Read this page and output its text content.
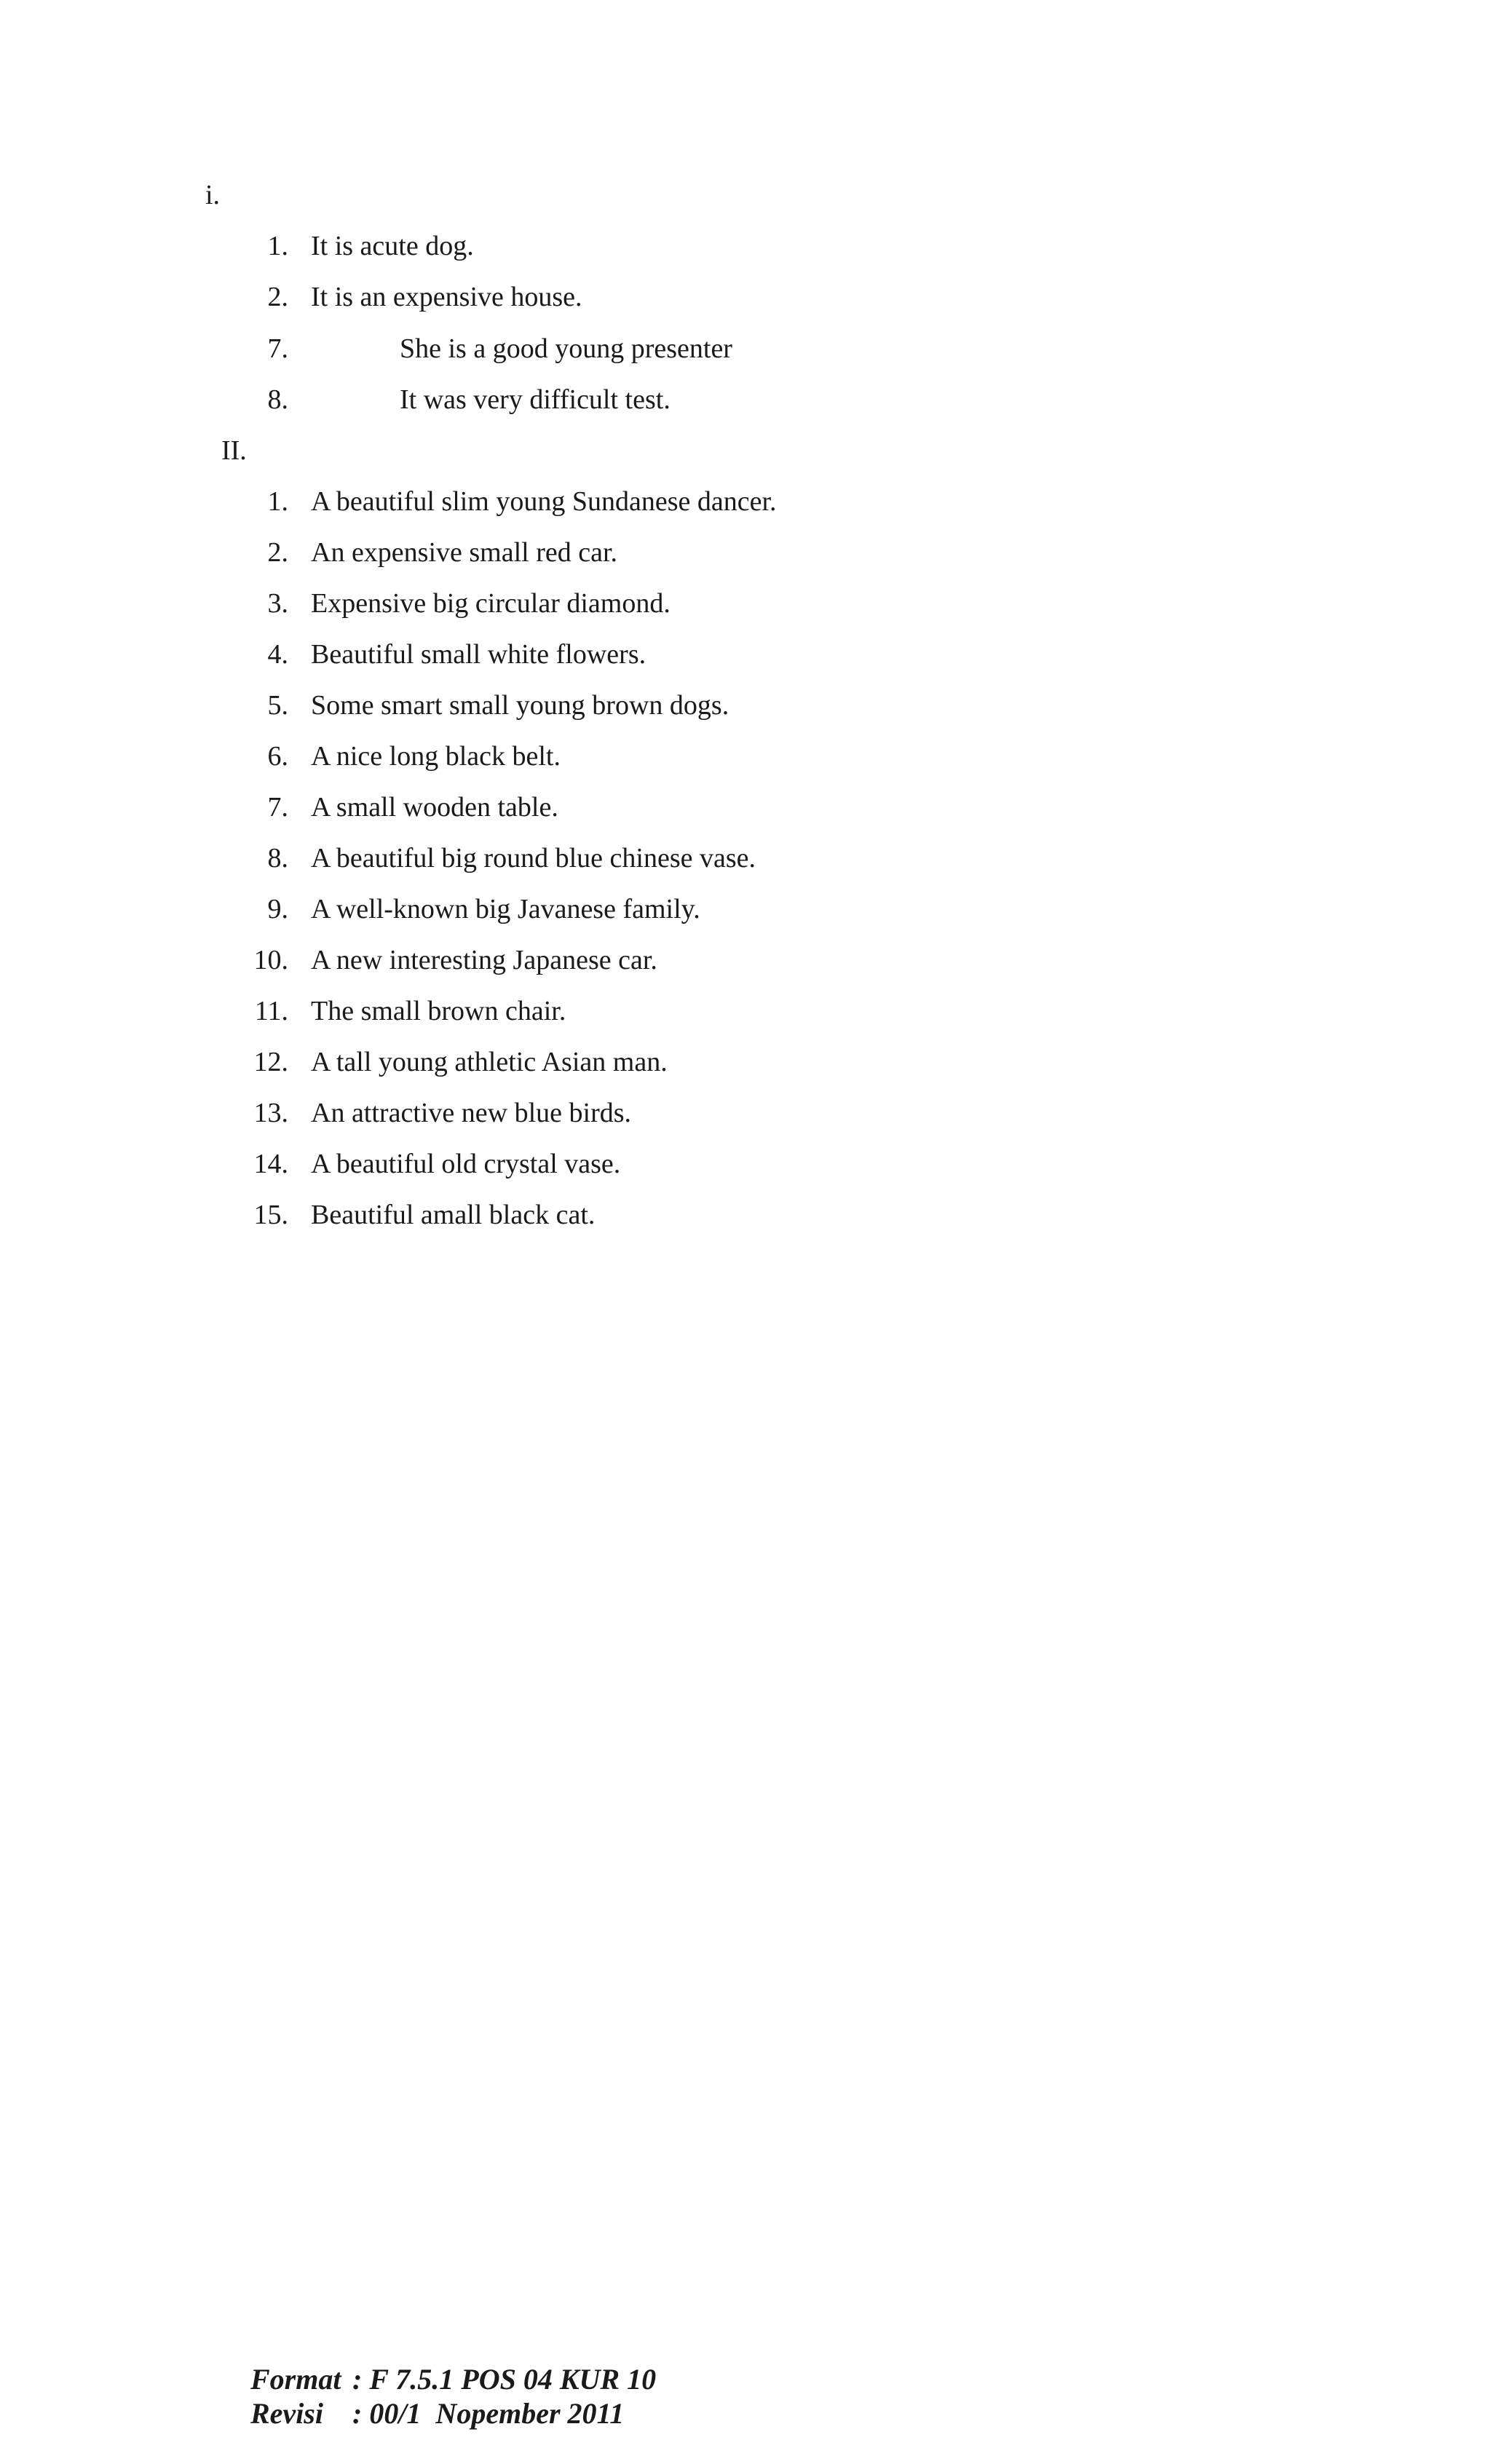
i.
1. It is acute dog.
2. It is an expensive house.
7.	She is a good young presenter
8.	It was very difficult test.
II.
1. A beautiful slim young Sundanese dancer.
2. An expensive small red car.
3. Expensive big circular diamond.
4. Beautiful small white flowers.
5. Some smart small young brown dogs.
6. A nice long black belt.
7. A small wooden table.
8. A beautiful big round blue chinese vase.
9. A well-known big Javanese family.
10. A new interesting Japanese car.
11. The small brown chair.
12. A tall young athletic Asian man.
13. An attractive new blue birds.
14. A beautiful old crystal vase.
15. Beautiful amall black cat.

Format : F 7.5.1 POS 04 KUR 10

Revisi : 00/1  Nopember 2011
